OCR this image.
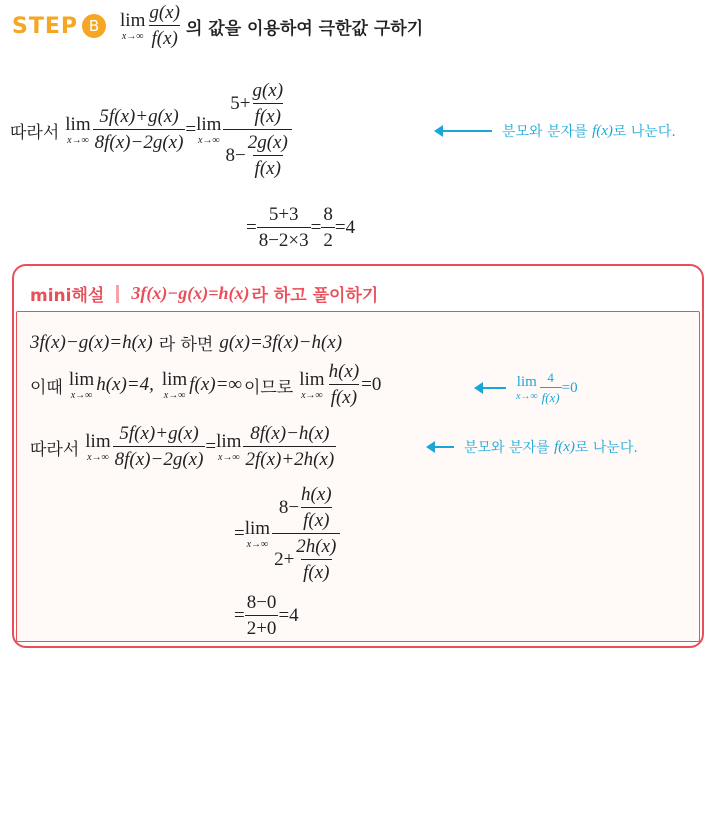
STEP B	lim
$x\to\infty \frac{g(x)}{f(x)}$ 의 값을 이용하여 극한값 구하기
따라서 lim
$x\to\infty \frac{5f(x)+g(x)}{8f(x)-2g(x)} = \lim$
$x\to\infty \frac{5+ \frac{g(x)}{f(x)}}{8- \frac{2g(x)}{f(x)}}$	분모와 분자를
f(x) 로 나눈다.
= $\frac{5+3}{8-2\times 3} = \frac{8}{2} =4$
mini해설 3f(x)−g(x)=h(x) 라 하고 풀이하기
3f(x)−g(x)=h(x) 라 하면 g(x)=3f(x)−h(x)
이때 lim
x→∞ h(x)=4, lim
x→∞ f(x)=∞ 이므로 lim
$x\to\infty \frac{h(x)}{f(x)} =0$	lim
$x\to\infty \frac{4}{f(x)} =0$
따라서 lim
$x\to\infty \frac{5f(x)+g(x)}{8f(x)-2g(x)} = \lim$
$x\to\infty \frac{8f(x)-h(x)}{2f(x)+2h(x)}$	분모와 분자를
f(x) 로 나눈다.
= lim
$x\to\infty \frac{8- \frac{h(x)}{f(x)}}{2+ \frac{2h(x)}{f(x)}}$
= $\frac{8-0}{2+0} =4$
